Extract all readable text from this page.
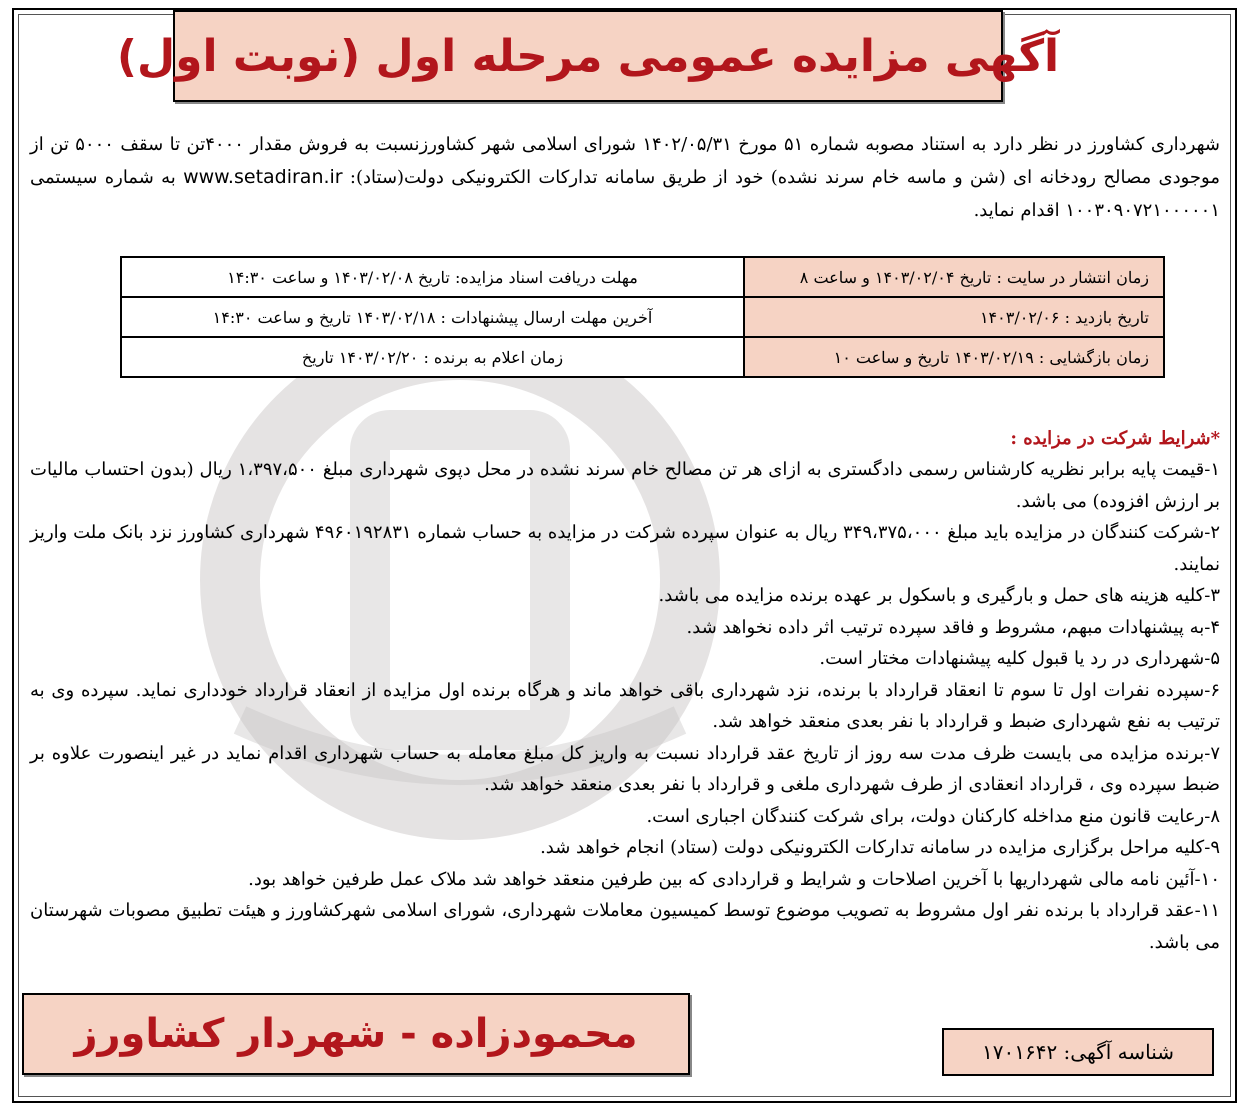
آگهی مزایده عمومی مرحله اول (نوبت اول)
شهرداری کشاورز در نظر دارد به استناد مصوبه شماره ۵۱ مورخ ۱۴۰۲/۰۵/۳۱ شورای اسلامی شهر کشاورزنسبت به فروش مقدار ۴۰۰۰تن تا سقف ۵۰۰۰ تن از موجودی مصالح رودخانه ای (شن و ماسه خام سرند نشده) خود از طریق سامانه تدارکات الکترونیکی دولت(ستاد): www.setadiran.ir به شماره سیستمی ۱۰۰۳۰۹۰۷۲۱۰۰۰۰۰۱ اقدام نماید.
زمان انتشار در سایت : تاریخ ۱۴۰۳/۰۲/۰۴ و ساعت ۸	مهلت دریافت اسناد مزایده: تاریخ ۱۴۰۳/۰۲/۰۸ و ساعت ۱۴:۳۰
تاریخ بازدید : ۱۴۰۳/۰۲/۰۶	آخرین مهلت ارسال پیشنهادات : ۱۴۰۳/۰۲/۱۸ تاریخ و ساعت ۱۴:۳۰
زمان بازگشایی : ۱۴۰۳/۰۲/۱۹ تاریخ و ساعت ۱۰	زمان اعلام به برنده : ۱۴۰۳/۰۲/۲۰ تاریخ
*شرایط شرکت در مزایده :
۱-قیمت پایه برابر نظریه کارشناس رسمی دادگستری به ازای هر تن مصالح خام سرند نشده در محل دپوی شهرداری مبلغ ۱،۳۹۷،۵۰۰ ریال (بدون احتساب مالیات بر ارزش افزوده) می باشد.
۲-شرکت کنندگان در مزایده باید مبلغ ۳۴۹،۳۷۵،۰۰۰ ریال به عنوان سپرده شرکت در مزایده به حساب شماره ۴۹۶۰۱۹۲۸۳۱ شهرداری کشاورز نزد بانک ملت واریز نمایند.
۳-کلیه هزینه های حمل و بارگیری و باسکول بر عهده برنده مزایده می باشد.
۴-به پیشنهادات مبهم، مشروط و فاقد سپرده ترتیب اثر داده نخواهد شد.
۵-شهرداری در رد یا قبول کلیه پیشنهادات مختار است.
۶-سپرده نفرات اول تا سوم تا انعقاد قرارداد با برنده، نزد شهرداری باقی خواهد ماند و هرگاه برنده اول مزایده از انعقاد قرارداد خودداری نماید. سپرده وی به ترتیب به نفع شهرداری ضبط و قرارداد با نفر بعدی منعقد خواهد شد.
۷-برنده مزایده می بایست ظرف مدت سه روز از تاریخ عقد قرارداد نسبت به واریز کل مبلغ معامله به حساب شهرداری اقدام نماید در غیر اینصورت علاوه بر ضبط سپرده وی ، قرارداد انعقادی از طرف شهرداری ملغی و قرارداد با نفر بعدی منعقد خواهد شد.
۸-رعایت قانون منع مداخله کارکنان دولت، برای شرکت کنندگان اجباری است.
۹-کلیه مراحل برگزاری مزایده در سامانه تدارکات الکترونیکی دولت (ستاد) انجام خواهد شد.
۱۰-آئین نامه مالی شهرداریها با آخرین اصلاحات و شرایط و قراردادی که بین طرفین منعقد خواهد شد ملاک عمل طرفین خواهد بود.
۱۱-عقد قرارداد با برنده نفر اول مشروط به تصویب موضوع توسط کمیسیون معاملات شهرداری، شورای اسلامی شهرکشاورز و هیئت تطبیق مصوبات شهرستان می باشد.
محمودزاده - شهردار کشاورز	شناسه آگهی: ۱۷۰۱۶۴۲
